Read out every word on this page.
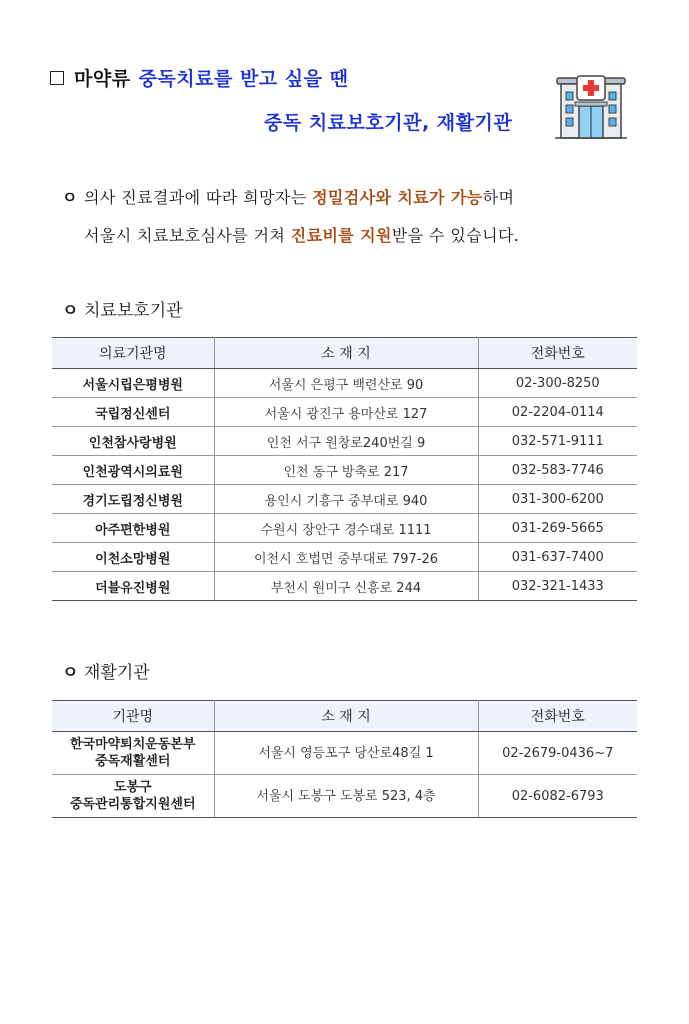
마약류 중독치료를 받고 싶을 땐
중독 치료보호기관, 재활기관
ㅇ 의사 진료결과에 따라 희망자는 정밀검사와 치료가 가능하며
서울시 치료보호심사를 거쳐 진료비를 지원받을 수 있습니다.
ㅇ 치료보호기관
의료기관명	소 재 지	전화번호
서울시립은평병원	서울시 은평구 백련산로 90	02-300-8250
국립정신센터	서울시 광진구 용마산로 127	02-2204-0114
인천참사랑병원	인천 서구 원창로240번길 9	032-571-9111
인천광역시의료원	인천 동구 방축로 217	032-583-7746
경기도립정신병원	용인시 기흥구 중부대로 940	031-300-6200
아주편한병원	수원시 장안구 경수대로 1111	031-269-5665
이천소망병원	이천시 호법면 중부대로 797-26	031-637-7400
더블유진병원	부천시 원미구 신흥로 244	032-321-1433
ㅇ 재활기관
기관명	소 재 지	전화번호

한국마약퇴치운동본부
중독재활센터	서울시 영등포구 당산로48길 1	02-2679-0436~7

도봉구
중독관리통합지원센터	서울시 도봉구 도봉로 523, 4층	02-6082-6793
